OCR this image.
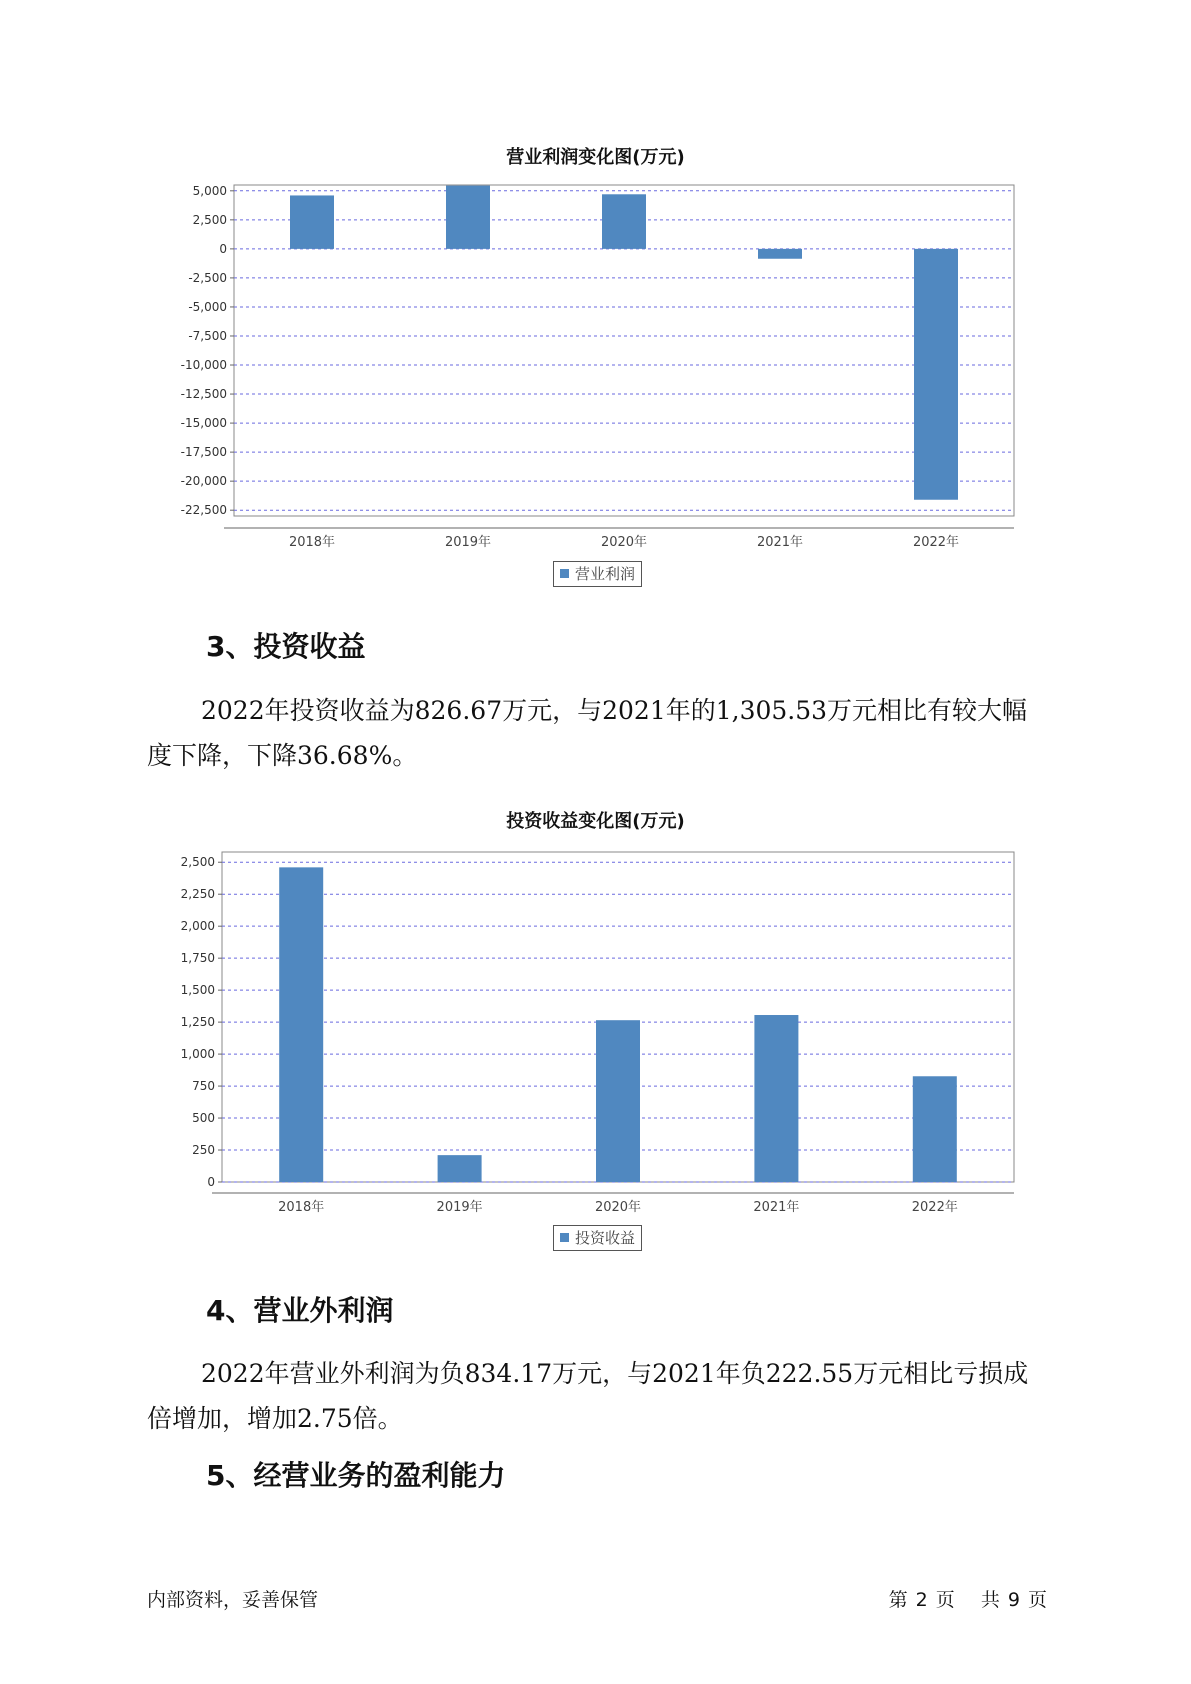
营业利润变化图(万元)
5,000
2,500
0
-2,500
-5,000
-7,500
-10,000
-12,500
-15,000
-17,500
-20,000
-22,500
2018年	2019年	2020年	2021年	2022年
营业利润
3、投资收益

2022年投资收益为826.67万元，与2021年的1,305.53万元相比有较大幅度下降，下降36.68%。

投资收益变化图(万元)
2,500
2,250
2,000
1,750
1,500
1,250
1,000
750
500
250
0
2018年	2019年	2020年	2021年	2022年
投资收益
4、营业外利润

2022年营业外利润为负834.17万元，与2021年负222.55万元相比亏损成倍增加，增加2.75倍。

5、经营业务的盈利能力
内部资料，妥善保管	第 2 页 共 9 页
